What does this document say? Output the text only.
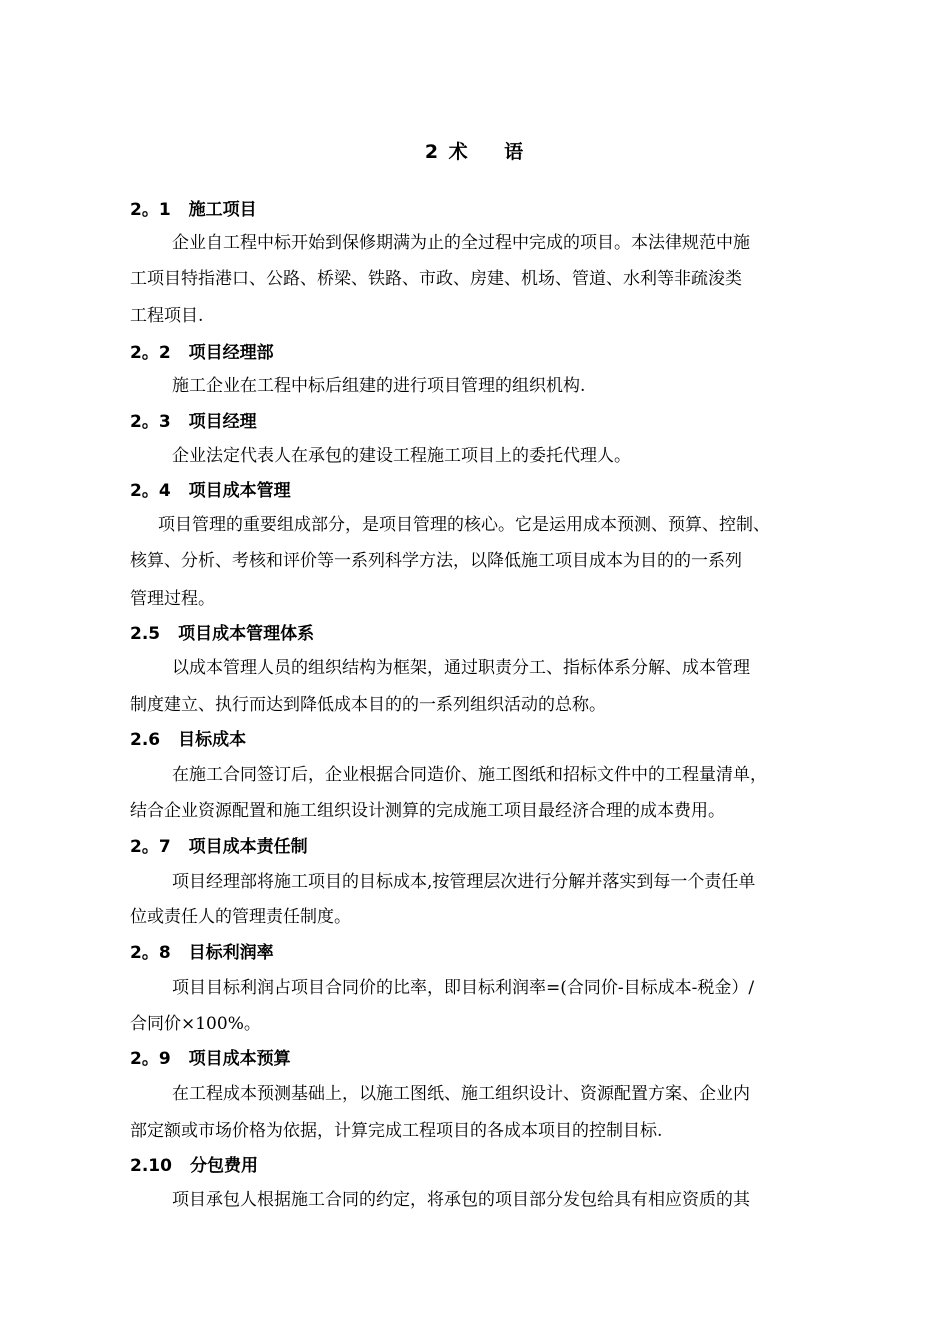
2 术    语
2。1 施工项目
企业自工程中标开始到保修期满为止的全过程中完成的项目。本法律规范中施
工项目特指港口、公路、桥梁、铁路、市政、房建、机场、管道、水利等非疏浚类
工程项目.
2。2 项目经理部
施工企业在工程中标后组建的进行项目管理的组织机构.
2。3 项目经理
企业法定代表人在承包的建设工程施工项目上的委托代理人。
2。4 项目成本管理
项目管理的重要组成部分，是项目管理的核心。它是运用成本预测、预算、控制、
核算、分析、考核和评价等一系列科学方法，以降低施工项目成本为目的的一系列
管理过程。
2.5 项目成本管理体系
以成本管理人员的组织结构为框架，通过职责分工、指标体系分解、成本管理
制度建立、执行而达到降低成本目的的一系列组织活动的总称。
2.6 目标成本
在施工合同签订后，企业根据合同造价、施工图纸和招标文件中的工程量清单，
结合企业资源配置和施工组织设计测算的完成施工项目最经济合理的成本费用。
2。7 项目成本责任制
项目经理部将施工项目的目标成本,按管理层次进行分解并落实到每一个责任单
位或责任人的管理责任制度。
2。8 目标利润率
项目目标利润占项目合同价的比率，即目标利润率=(合同价-目标成本-税金）/
合同价×100%。
2。9 项目成本预算
在工程成本预测基础上，以施工图纸、施工组织设计、资源配置方案、企业内
部定额或市场价格为依据，计算完成工程项目的各成本项目的控制目标.
2.10 分包费用
项目承包人根据施工合同的约定，将承包的项目部分发包给具有相应资质的其
